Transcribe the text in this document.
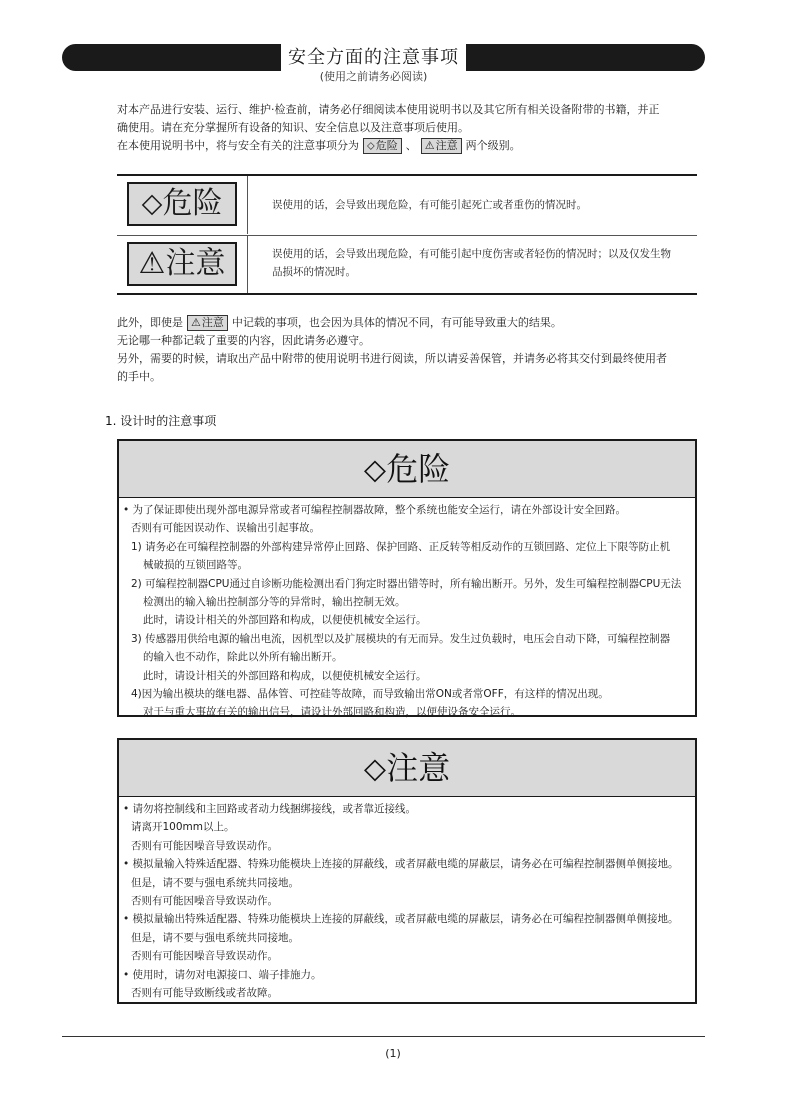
安全方面的注意事项
(使用之前请务必阅读)
对本产品进行安装、运行、维护·检查前，请务必仔细阅读本使用说明书以及其它所有相关设备附带的书籍，并正
确使用。请在充分掌握所有设备的知识、安全信息以及注意事项后使用。
在本使用说明书中，将与安全有关的注意事项分为 ⬦危险 、 ⚠注意 两个级别。
⬦危险	误使用的话，会导致出现危险，有可能引起死亡或者重伤的情况时。
⚠注意	误使用的话，会导致出现危险，有可能引起中度伤害或者轻伤的情况时；以及仅发生物
品损坏的情况时。
此外，即使是 ⚠注意 中记载的事项，也会因为具体的情况不同，有可能导致重大的结果。
无论哪一种都记载了重要的内容，因此请务必遵守。
另外，需要的时候，请取出产品中附带的使用说明书进行阅读，所以请妥善保管，并请务必将其交付到最终使用者
的手中。
1. 设计时的注意事项
⬦危险
• 为了保证即使出现外部电源异常或者可编程控制器故障，整个系统也能安全运行，请在外部设计安全回路。
否则有可能因误动作、误输出引起事故。
1) 请务必在可编程控制器的外部构建异常停止回路、保护回路、正反转等相反动作的互锁回路、定位上下限等防止机
械破损的互锁回路等。
2) 可编程控制器CPU通过自诊断功能检测出看门狗定时器出错等时，所有输出断开。另外，发生可编程控制器CPU无法
检测出的输入输出控制部分等的异常时，输出控制无效。
此时，请设计相关的外部回路和构成，以便使机械安全运行。
3) 传感器用供给电源的输出电流，因机型以及扩展模块的有无而异。发生过负载时，电压会自动下降，可编程控制器
的输入也不动作，除此以外所有输出断开。
此时，请设计相关的外部回路和构成，以便使机械安全运行。
4)因为输出模块的继电器、晶体管、可控硅等故障，而导致输出常ON或者常OFF，有这样的情况出现。
对于与重大事故有关的输出信号，请设计外部回路和构造，以便使设备安全运行。
⬦注意
• 请勿将控制线和主回路或者动力线捆绑接线，或者靠近接线。
请离开100mm以上。
否则有可能因噪音导致误动作。
• 模拟量输入特殊适配器、特殊功能模块上连接的屏蔽线，或者屏蔽电缆的屏蔽层，请务必在可编程控制器侧单侧接地。
但是，请不要与强电系统共同接地。
否则有可能因噪音导致误动作。
• 模拟量输出特殊适配器、特殊功能模块上连接的屏蔽线，或者屏蔽电缆的屏蔽层，请务必在可编程控制器侧单侧接地。
但是，请不要与强电系统共同接地。
否则有可能因噪音导致误动作。
• 使用时，请勿对电源接口、端子排施力。
否则有可能导致断线或者故障。
(1)
